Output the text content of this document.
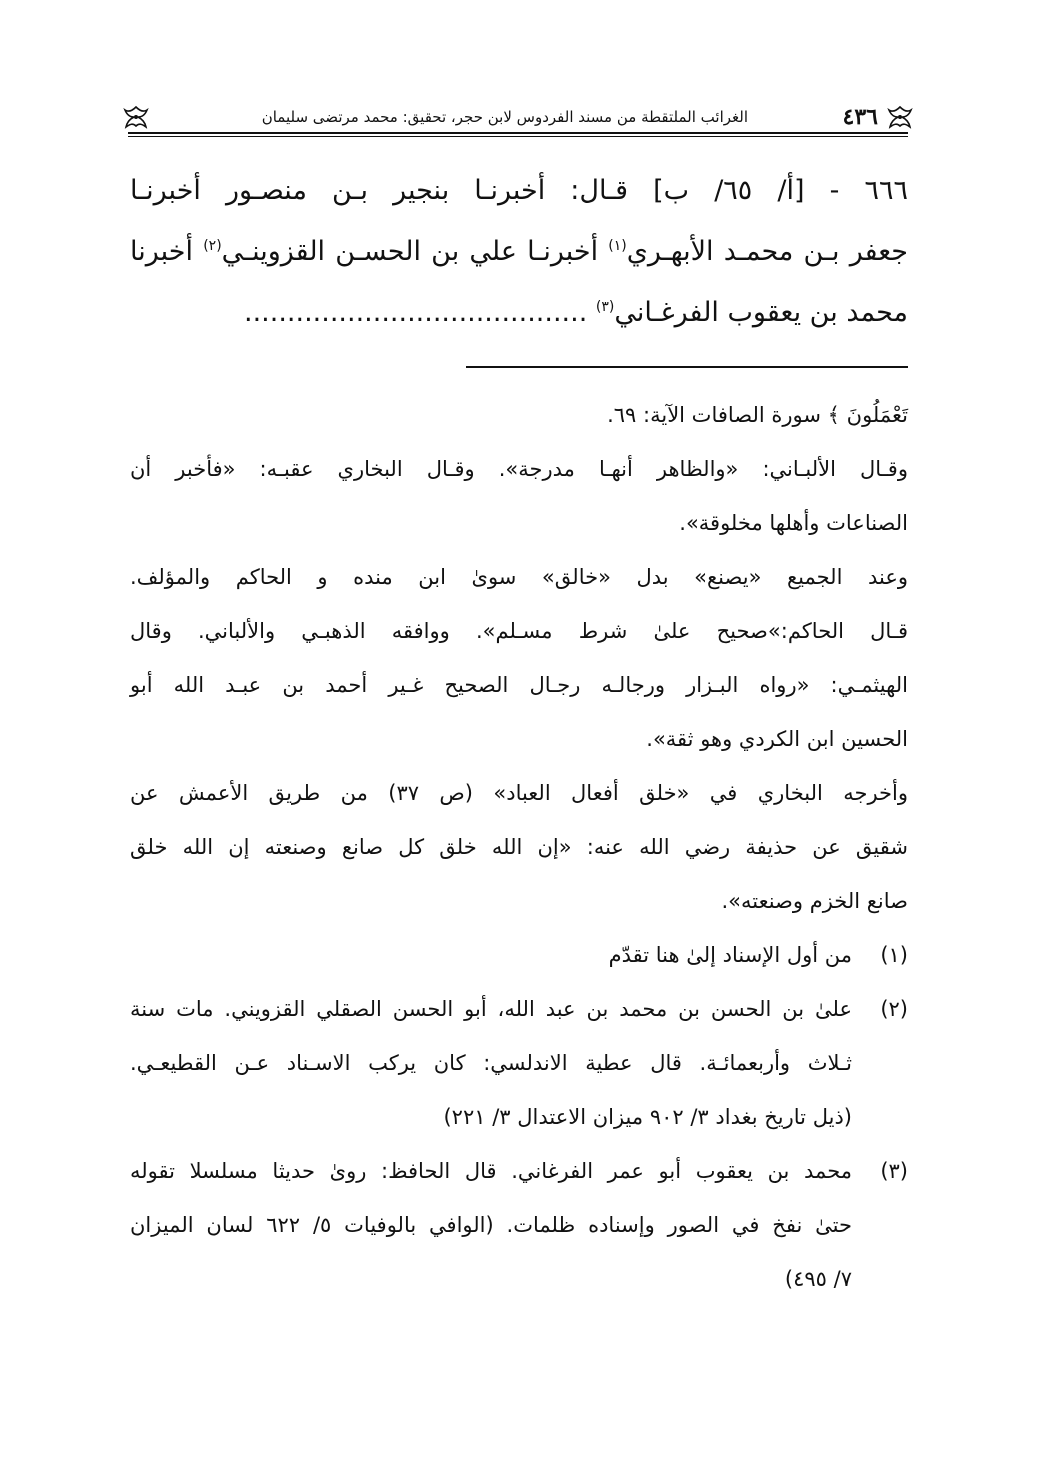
٤٣٦
الغرائب الملتقطة من مسند الفردوس لابن حجر، تحقيق: محمد مرتضى سليمان
٦٦٦ - [أ/ ٦٥/ ب] قـال: أخبرنـا بنجير بـن منصـور أخبرنـا
جعفر بـن محمـد الأبهـري$^{(١)}$ أخبرنـا علي بن الحسـن القزوينـي$^{(٢)}$ أخبرنا
محمد بن يعقوب الفرغـاني$^{(٣)}$ ........................................
تَعْمَلُونَ ﴾ سورة الصافات الآية: ٦٩.
وقـال الألبـاني: «والظاهر أنهـا مدرجة». وقـال البخاري عقبـه: «فأخبر أن
الصناعات وأهلها مخلوقة».
وعند الجميع «يصنع» بدل «خالق» سوىٰ ابن منده و الحاكم والمؤلف.
قـال الحاكم:»صحيح علىٰ شرط مسـلم». ووافقه الذهبـي والألباني. وقال
الهيثمـي: «رواه البـزار ورجالـه رجـال الصحيح غـير أحمد بن عبـد الله أبو
الحسين ابن الكردي وهو ثقة».
وأخرجه البخاري في «خلق أفعال العباد» (ص ٣٧) من طريق الأعمش عن
شقيق عن حذيفة رضي الله عنه: «إن الله خلق كل صانع وصنعته إن الله خلق
صانع الخزم وصنعته».
(١)
من أول الإسناد إلىٰ هنا تقدّم
(٢)
علىٰ بن الحسن بن محمد بن عبد الله، أبو الحسن الصقلي القزويني. مات سنة
ثـلاث وأربعمائـة. قال عطية الاندلسي: كان يركب الاسـناد عـن القطيعـي.
(ذيل تاريخ بغداد ٣/ ٩٠٢ ميزان الاعتدال ٣/ ٢٢١)
(٣)
محمد بن يعقوب أبو عمر الفرغاني. قال الحافظ: روىٰ حديثا مسلسلا تقوله
حتىٰ نفخ في الصور وإسناده ظلمات. (الوافي بالوفيات ٥/ ٦٢٢ لسان الميزان
٧/ ٤٩٥)
